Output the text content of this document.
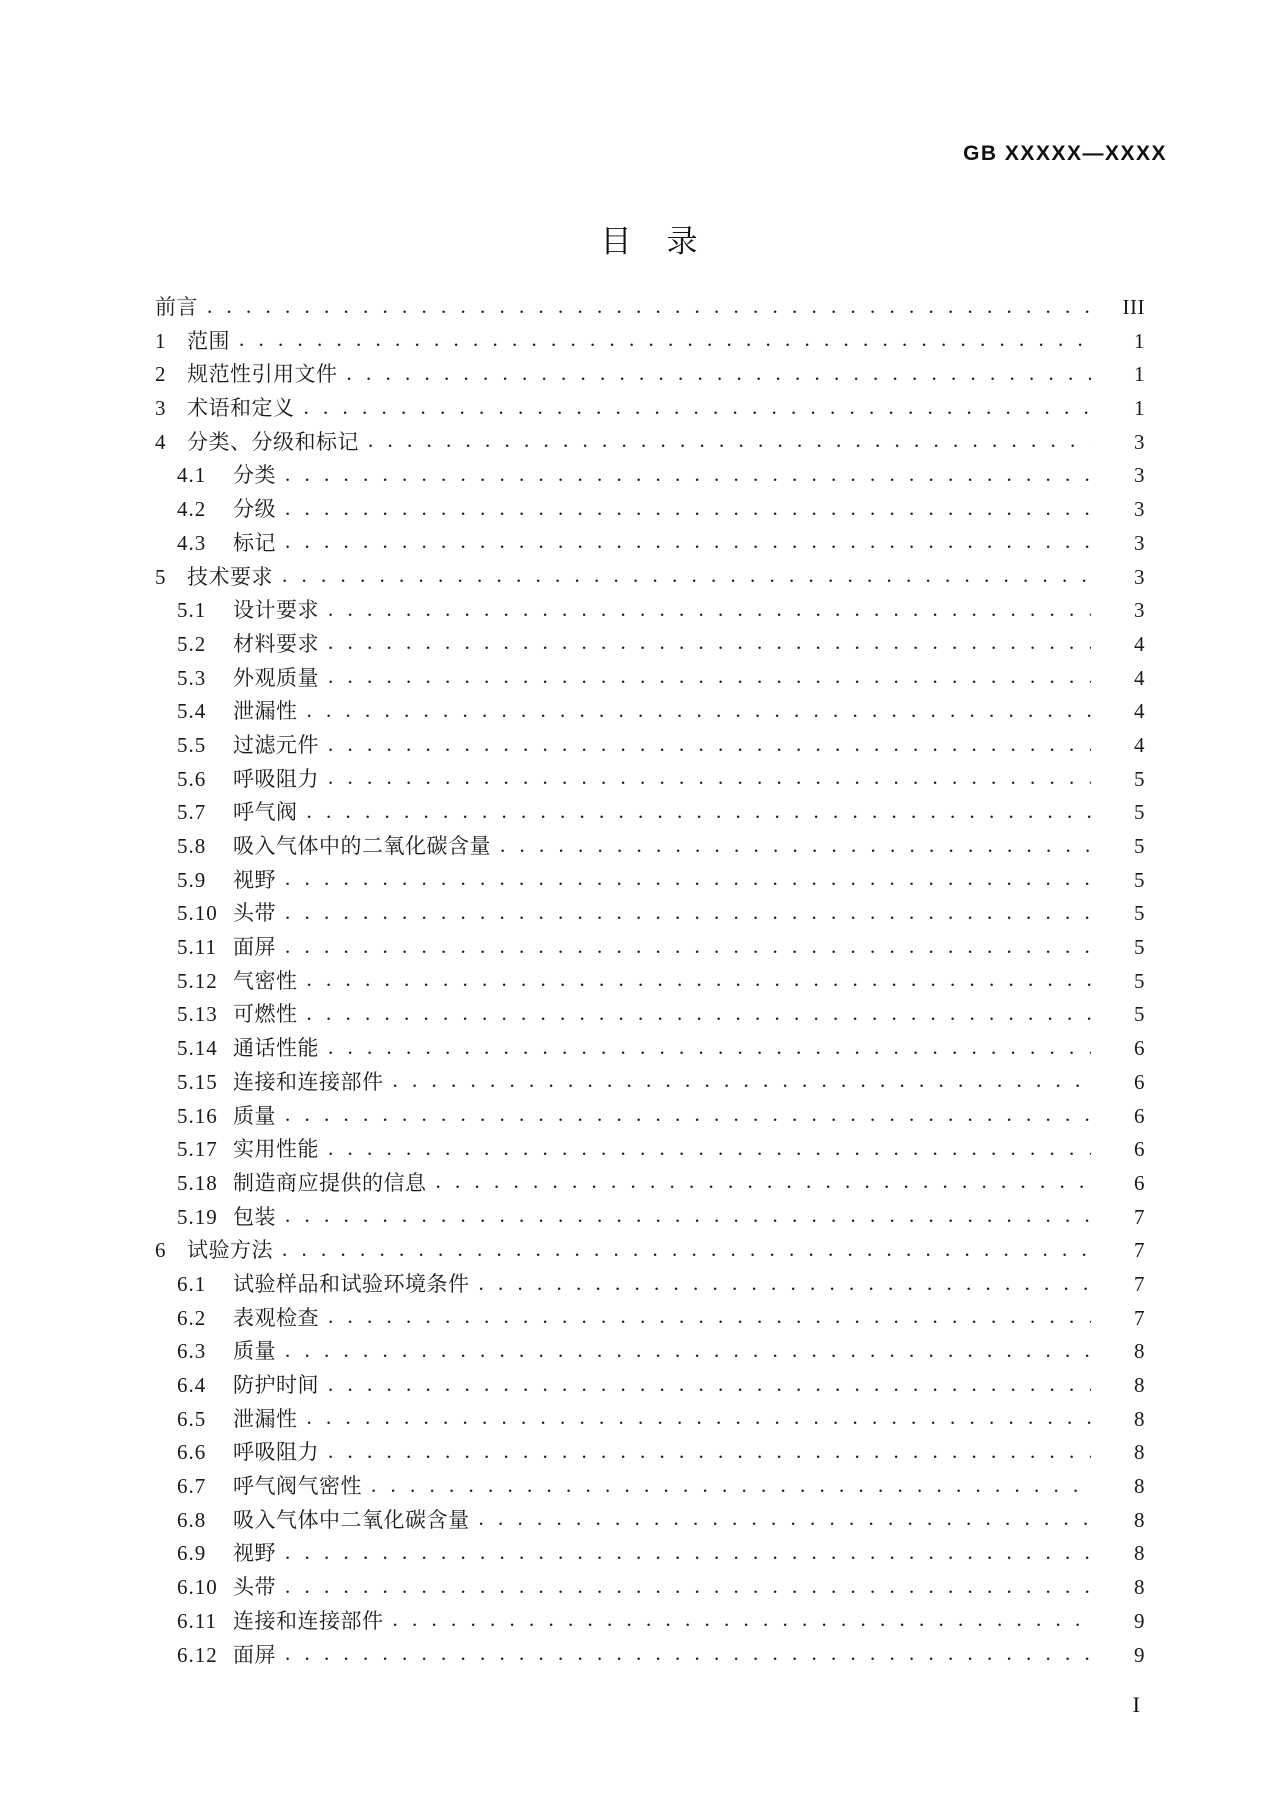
GB XXXXX—XXXX
目　录
前言 . . .	III
1 范围 . . .	1
2 规范性引用文件 . . .	1
3 术语和定义 . . .	1
4 分类、分级和标记 . . .	3
4.1	分类 . . .	3
4.2	分级 . . .	3
4.3	标记 . . .	3
5 技术要求 . . .	3
5.1	设计要求 . . .	3
5.2	材料要求 . . .	4
5.3	外观质量 . . .	4
5.4	泄漏性 . . .	4
5.5	过滤元件 . . .	4
5.6	呼吸阻力 . . .	5
5.7	呼气阀 . . .	5
5.8	吸入气体中的二氧化碳含量 . . .	5
5.9	视野 . . .	5
5.10 头带 . . .	5
5.11 面屏 . . .	5
5.12 气密性 . . .	5
5.13 可燃性 . . .	5
5.14 通话性能 . . .	6
5.15 连接和连接部件 . . .	6
5.16 质量 . . .	6
5.17 实用性能 . . .	6
5.18 制造商应提供的信息 . . .	6
5.19 包装 . . .	7
6 试验方法 . . .	7
6.1	试验样品和试验环境条件 . . .	7
6.2	表观检查 . . .	7
6.3	质量 . . .	8
6.4	防护时间 . . .	8
6.5	泄漏性 . . .	8
6.6	呼吸阻力 . . .	8
6.7	呼气阀气密性 . . .	8
6.8	吸入气体中二氧化碳含量 . . .	8
6.9	视野 . . .	8
6.10 头带 . . .	8
6.11 连接和连接部件 . . .	9
6.12 面屏 . . .	9
I
